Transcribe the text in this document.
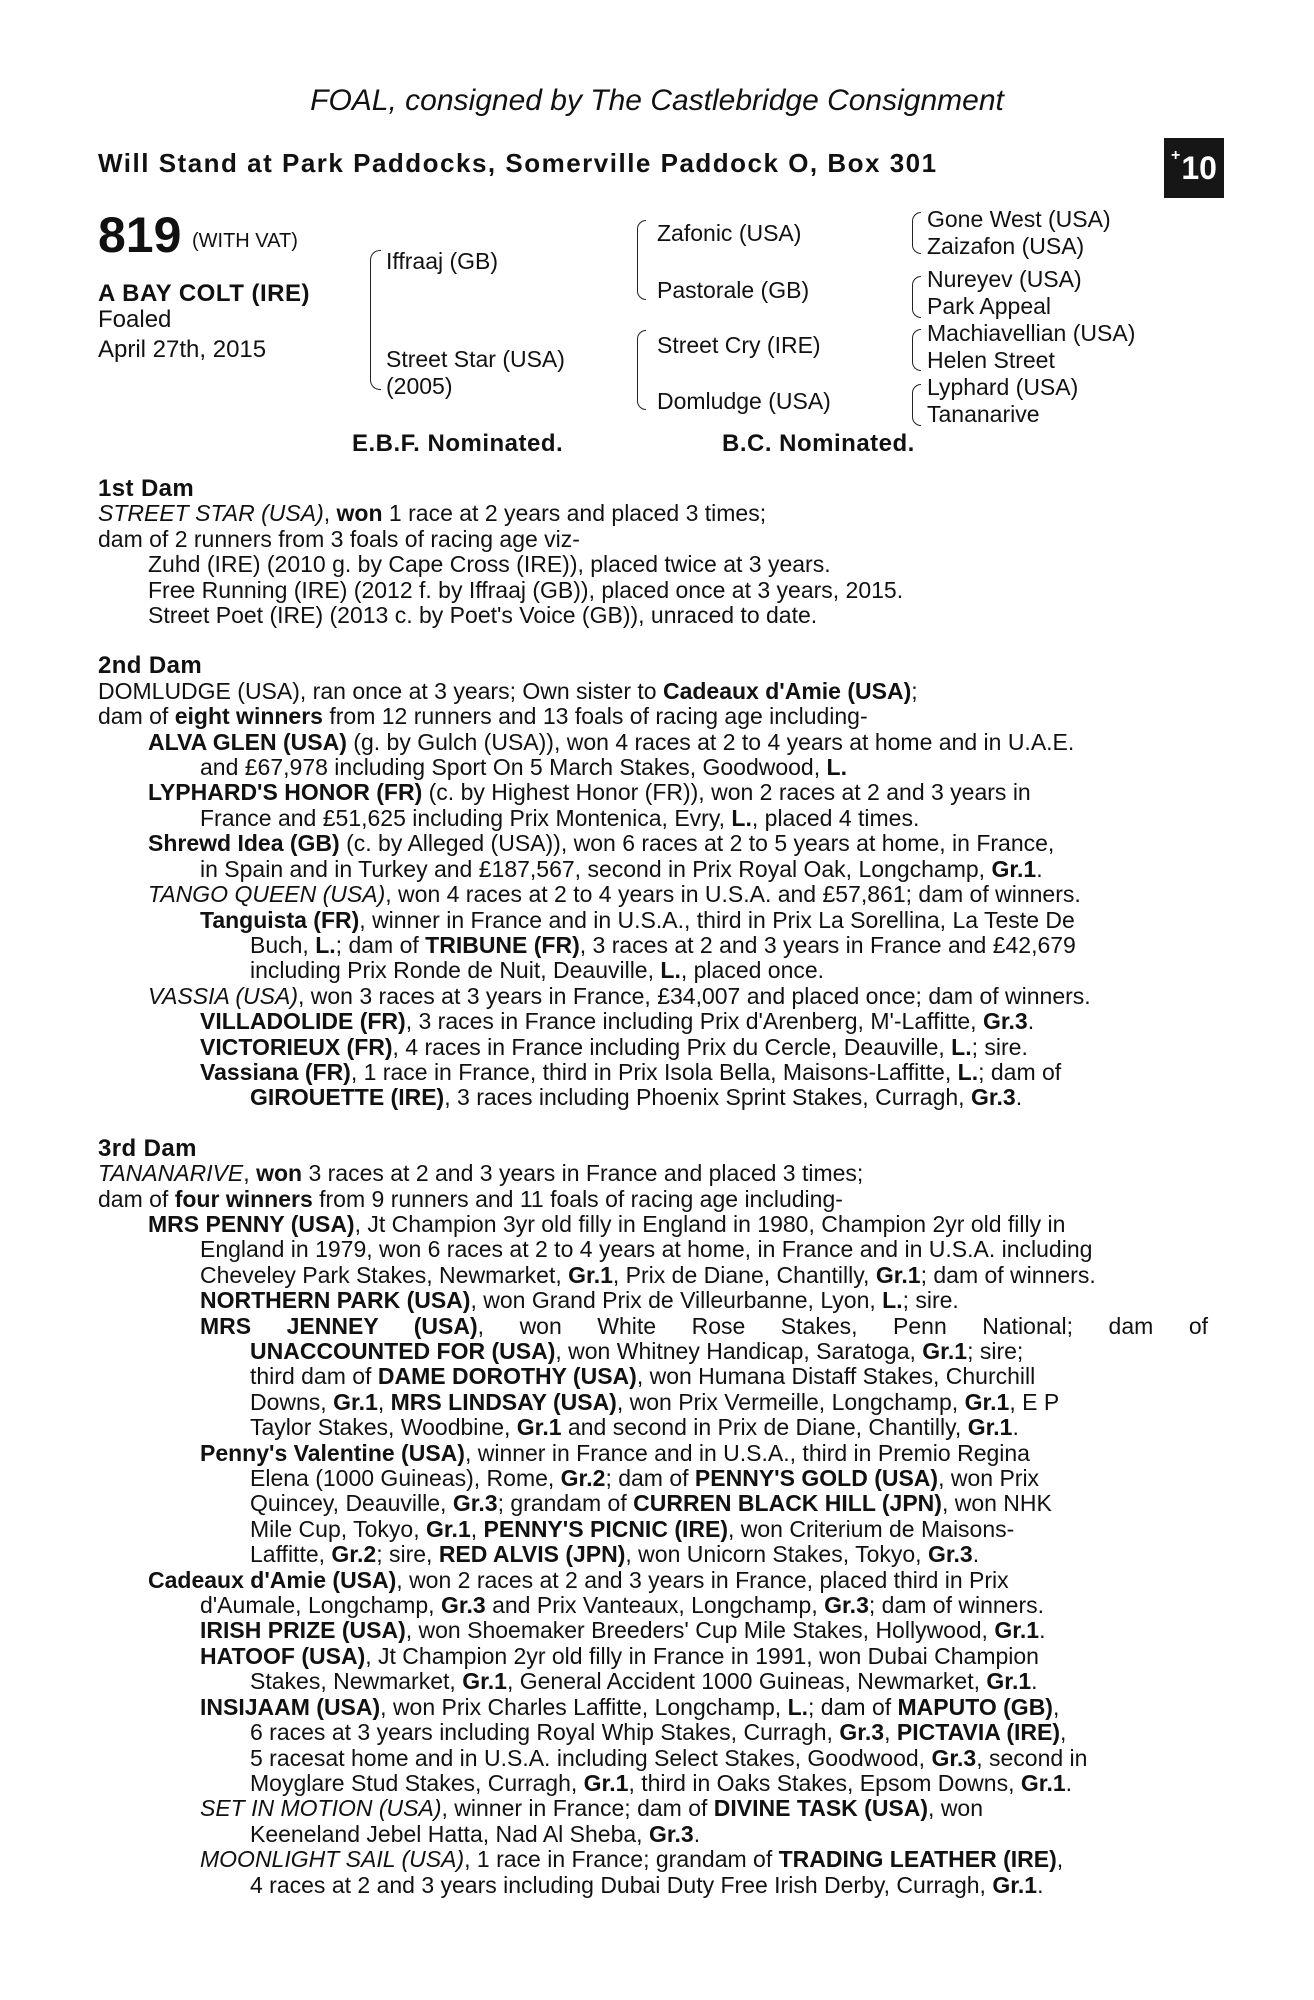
FOAL, consigned by The Castlebridge Consignment
Will Stand at Park Paddocks, Somerville Paddock O, Box 301	+ 10
819 (WITH VAT)
A BAY COLT (IRE)
Foaled
April 27th, 2015
Iffraaj (GB)
Street Star (USA)
(2005)
Zafonic (USA)
Pastorale (GB)
Street Cry (IRE)
Domludge (USA)
Gone West (USA)
Zaizafon (USA)
Nureyev (USA)
Park Appeal
Machiavellian (USA)
Helen Street
Lyphard (USA)
Tananarive
E.B.F. Nominated.	B.C. Nominated.
1st Dam
STREET STAR (USA), won 1 race at 2 years and placed 3 times;
dam of 2 runners from 3 foals of racing age viz-
Zuhd (IRE) (2010 g. by Cape Cross (IRE)), placed twice at 3 years.
Free Running (IRE) (2012 f. by Iffraaj (GB)), placed once at 3 years, 2015.
Street Poet (IRE) (2013 c. by Poet's Voice (GB)), unraced to date.
2nd Dam
DOMLUDGE (USA), ran once at 3 years; Own sister to Cadeaux d'Amie (USA);
dam of eight winners from 12 runners and 13 foals of racing age including-
ALVA GLEN (USA) (g. by Gulch (USA)), won 4 races at 2 to 4 years at home and in U.A.E.
and £67,978 including Sport On 5 March Stakes, Goodwood, L.
LYPHARD'S HONOR (FR) (c. by Highest Honor (FR)), won 2 races at 2 and 3 years in
France and £51,625 including Prix Montenica, Evry, L., placed 4 times.
Shrewd Idea (GB) (c. by Alleged (USA)), won 6 races at 2 to 5 years at home, in France,
in Spain and in Turkey and £187,567, second in Prix Royal Oak, Longchamp, Gr.1.
TANGO QUEEN (USA), won 4 races at 2 to 4 years in U.S.A. and £57,861; dam of winners.
Tanguista (FR), winner in France and in U.S.A., third in Prix La Sorellina, La Teste De
Buch, L.; dam of TRIBUNE (FR), 3 races at 2 and 3 years in France and £42,679
including Prix Ronde de Nuit, Deauville, L., placed once.
VASSIA (USA), won 3 races at 3 years in France, £34,007 and placed once; dam of winners.
VILLADOLIDE (FR), 3 races in France including Prix d'Arenberg, M'-Laffitte, Gr.3.
VICTORIEUX (FR), 4 races in France including Prix du Cercle, Deauville, L.; sire.
Vassiana (FR), 1 race in France, third in Prix Isola Bella, Maisons-Laffitte, L.; dam of
GIROUETTE (IRE), 3 races including Phoenix Sprint Stakes, Curragh, Gr.3.
3rd Dam
TANANARIVE, won 3 races at 2 and 3 years in France and placed 3 times;
dam of four winners from 9 runners and 11 foals of racing age including-
MRS PENNY (USA), Jt Champion 3yr old filly in England in 1980, Champion 2yr old filly in
England in 1979, won 6 races at 2 to 4 years at home, in France and in U.S.A. including
Cheveley Park Stakes, Newmarket, Gr.1, Prix de Diane, Chantilly, Gr.1; dam of winners.
NORTHERN PARK (USA), won Grand Prix de Villeurbanne, Lyon, L.; sire.
MRS JENNEY (USA), won White Rose Stakes, Penn National; dam of
UNACCOUNTED FOR (USA), won Whitney Handicap, Saratoga, Gr.1; sire;
third dam of DAME DOROTHY (USA), won Humana Distaff Stakes, Churchill
Downs, Gr.1, MRS LINDSAY (USA), won Prix Vermeille, Longchamp, Gr.1, E P
Taylor Stakes, Woodbine, Gr.1 and second in Prix de Diane, Chantilly, Gr.1.
Penny's Valentine (USA), winner in France and in U.S.A., third in Premio Regina
Elena (1000 Guineas), Rome, Gr.2; dam of PENNY'S GOLD (USA), won Prix
Quincey, Deauville, Gr.3; grandam of CURREN BLACK HILL (JPN), won NHK
Mile Cup, Tokyo, Gr.1, PENNY'S PICNIC (IRE), won Criterium de Maisons-
Laffitte, Gr.2; sire, RED ALVIS (JPN), won Unicorn Stakes, Tokyo, Gr.3.
Cadeaux d'Amie (USA), won 2 races at 2 and 3 years in France, placed third in Prix
d'Aumale, Longchamp, Gr.3 and Prix Vanteaux, Longchamp, Gr.3; dam of winners.
IRISH PRIZE (USA), won Shoemaker Breeders' Cup Mile Stakes, Hollywood, Gr.1.
HATOOF (USA), Jt Champion 2yr old filly in France in 1991, won Dubai Champion
Stakes, Newmarket, Gr.1, General Accident 1000 Guineas, Newmarket, Gr.1.
INSIJAAM (USA), won Prix Charles Laffitte, Longchamp, L.; dam of MAPUTO (GB),
6 races at 3 years including Royal Whip Stakes, Curragh, Gr.3, PICTAVIA (IRE),
5 racesat home and in U.S.A. including Select Stakes, Goodwood, Gr.3, second in
Moyglare Stud Stakes, Curragh, Gr.1, third in Oaks Stakes, Epsom Downs, Gr.1.
SET IN MOTION (USA), winner in France; dam of DIVINE TASK (USA), won
Keeneland Jebel Hatta, Nad Al Sheba, Gr.3.
MOONLIGHT SAIL (USA), 1 race in France; grandam of TRADING LEATHER (IRE),
4 races at 2 and 3 years including Dubai Duty Free Irish Derby, Curragh, Gr.1.
